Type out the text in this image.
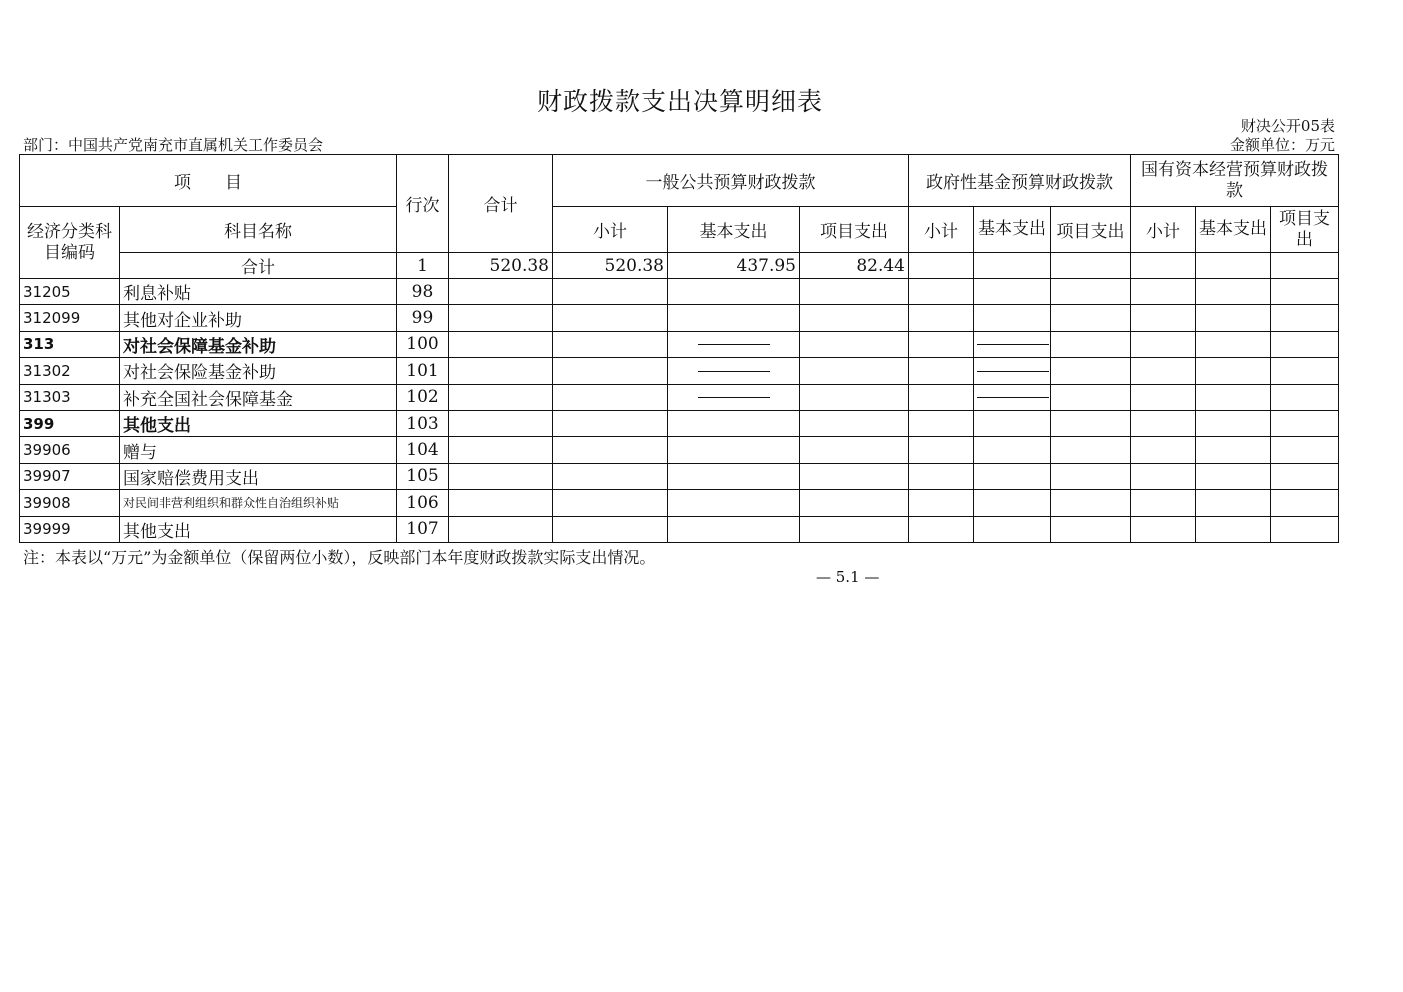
财政拨款支出决算明细表
财决公开05表
部门：中国共产党南充市直属机关工作委员会	金额单位：万元
项　　目		行次	合计	一般公共预算财政拨款			政府性基金预算财政拨款			国有资本经营预算财政拨款		
经济分类科目编码	科目名称			小计	基本支出	项目支出	小计	基本支出	项目支出	小计	基本支出	项目支出
	合计	1	520.38	520.38	437.95	82.44						
31205	利息补贴	98										
312099	其他对企业补助	99										
313	对社会保障基金补助	100										
31302	对社会保险基金补助	101										
31303	补充全国社会保障基金	102										
399	其他支出	103										
39906	赠与	104										
39907	国家赔偿费用支出	105										
39908	对民间非营利组织和群众性自治组织补贴	106										
39999	其他支出	107										
注：本表以“万元”为金额单位（保留两位小数），反映部门本年度财政拨款实际支出情况。
— 5.1 —
